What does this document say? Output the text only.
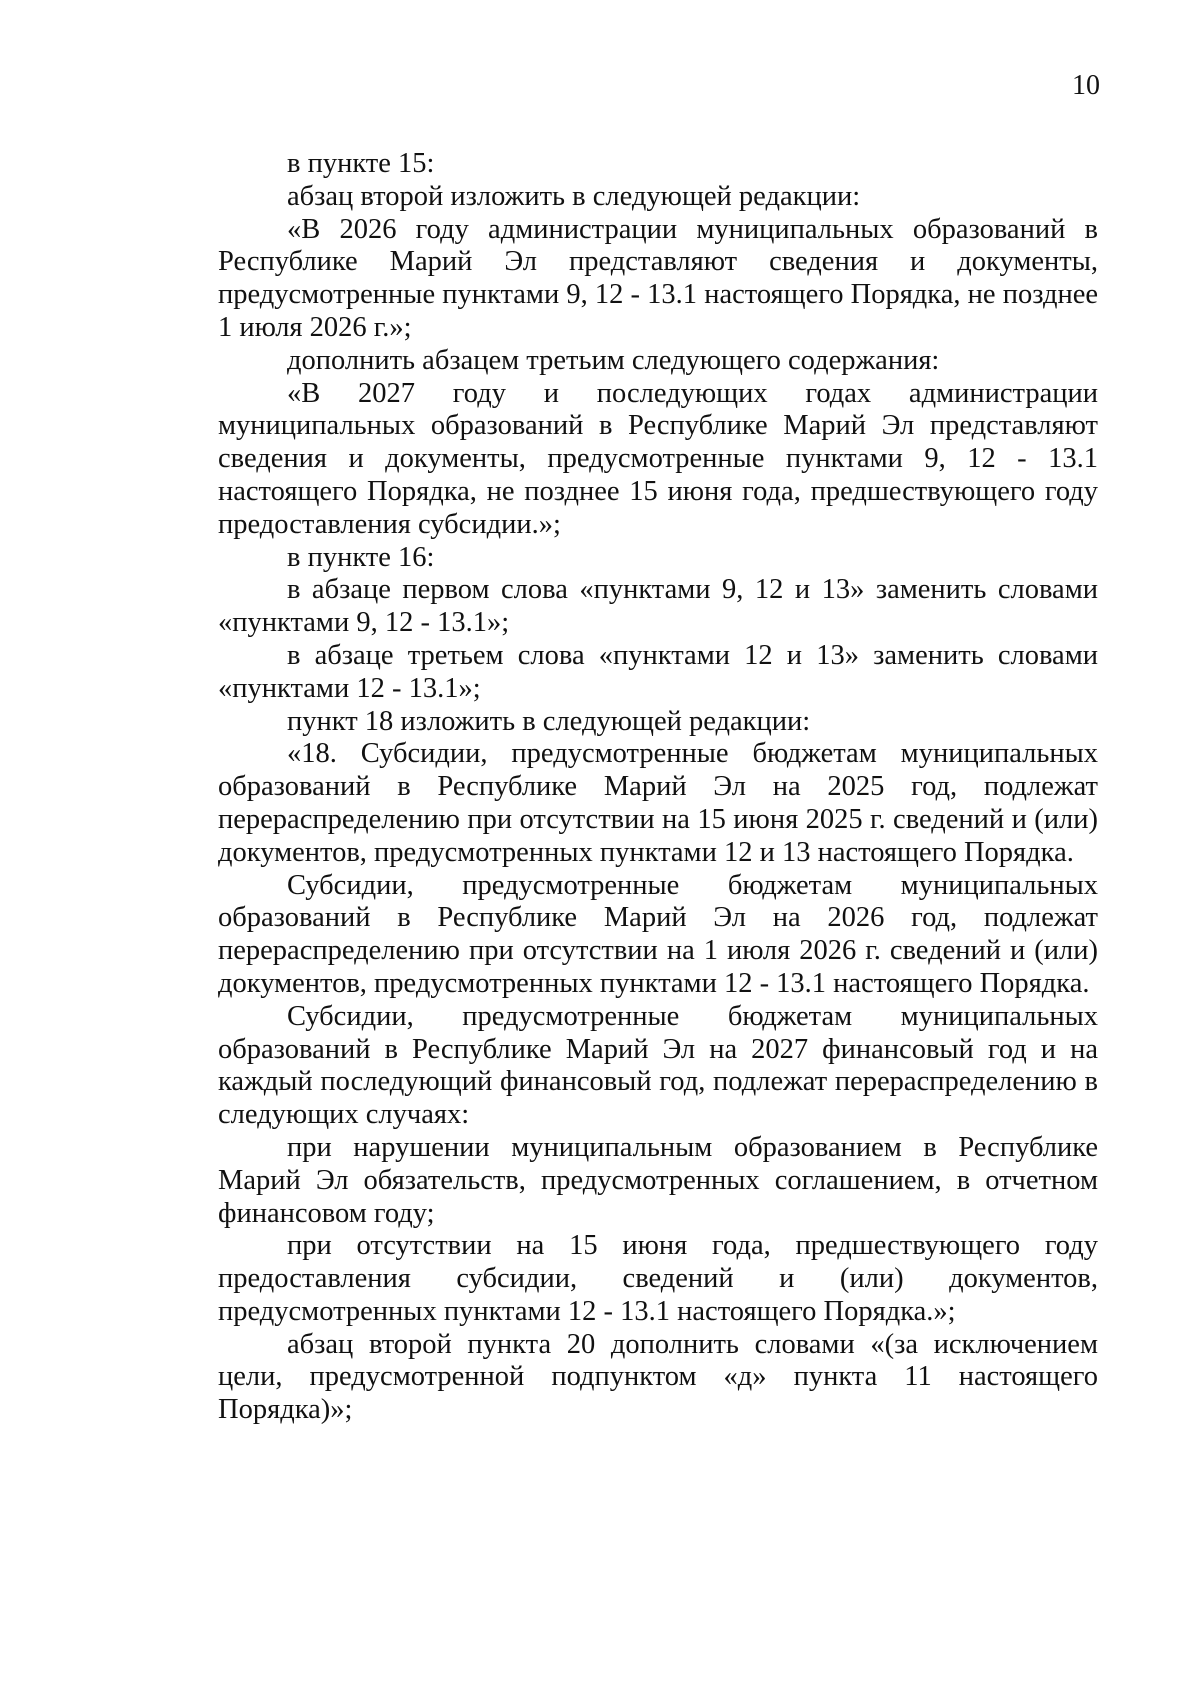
10

в пункте 15:

абзац второй изложить в следующей редакции:

«В 2026 году администрации муниципальных образований в Республике Марий Эл представляют сведения и документы, предусмотренные пунктами 9, 12 - 13.1 настоящего Порядка, не позднее 1 июля 2026 г.»;

дополнить абзацем третьим следующего содержания:

«В 2027 году и последующих годах администрации муниципальных образований в Республике Марий Эл представляют сведения и документы, предусмотренные пунктами 9, 12 - 13.1 настоящего Порядка, не позднее 15 июня года, предшествующего году предоставления субсидии.»;

в пункте 16:

в абзаце первом слова «пунктами 9, 12 и 13» заменить словами «пунктами 9, 12 - 13.1»;

в абзаце третьем слова «пунктами 12 и 13» заменить словами «пунктами 12 - 13.1»;

пункт 18 изложить в следующей редакции:

«18. Субсидии, предусмотренные бюджетам муниципальных образований в Республике Марий Эл на 2025 год, подлежат перераспределению при отсутствии на 15 июня 2025 г. сведений и (или) документов, предусмотренных пунктами 12 и 13 настоящего Порядка.

Субсидии, предусмотренные бюджетам муниципальных образований в Республике Марий Эл на 2026 год, подлежат перераспределению при отсутствии на 1 июля 2026 г. сведений и (или) документов, предусмотренных пунктами 12 - 13.1 настоящего Порядка.

Субсидии, предусмотренные бюджетам муниципальных образований в Республике Марий Эл на 2027 финансовый год и на каждый последующий финансовый год, подлежат перераспределению в следующих случаях:

при нарушении муниципальным образованием в Республике Марий Эл обязательств, предусмотренных соглашением, в отчетном финансовом году;

при отсутствии на 15 июня года, предшествующего году предоставления субсидии, сведений и (или) документов, предусмотренных пунктами 12 - 13.1 настоящего Порядка.»;

абзац второй пункта 20 дополнить словами «(за исключением цели, предусмотренной подпунктом «д» пункта 11 настоящего Порядка)»;
